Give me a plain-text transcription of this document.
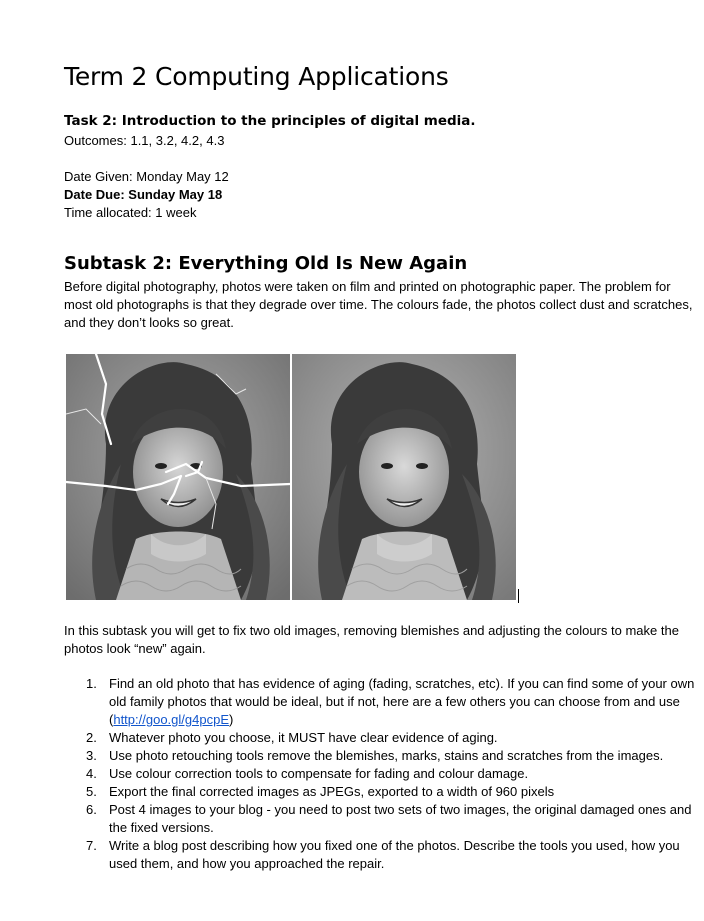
Term 2 Computing Applications
Task 2: Introduction to the principles of digital media.
Outcomes: 1.1, 3.2, 4.2, 4.3
Date Given: Monday May 12
Date Due: Sunday May 18
Time allocated: 1 week
Subtask 2: Everything Old Is New Again

Before digital photography, photos were taken on film and printed on photographic paper. The problem for most old photographs is that they degrade over time. The colours fade, the photos collect dust and scratches, and they don’t looks so great.

In this subtask you will get to fix two old images, removing blemishes and adjusting the colours to make the photos look “new” again.

1. Find an old photo that has evidence of aging (fading, scratches, etc). If you can find some of your own old family photos that would be ideal, but if not, here are a few others you can choose from and use (http://goo.gl/g4pcpE)
2. Whatever photo you choose, it MUST have clear evidence of aging.
3. Use photo retouching tools remove the blemishes, marks, stains and scratches from the images.
4. Use colour correction tools to compensate for fading and colour damage.
5. Export the final corrected images as JPEGs, exported to a width of 960 pixels
6. Post 4 images to your blog - you need to post two sets of two images, the original damaged ones and the fixed versions.
7. Write a blog post describing how you fixed one of the photos. Describe the tools you used, how you used them, and how you approached the repair.
